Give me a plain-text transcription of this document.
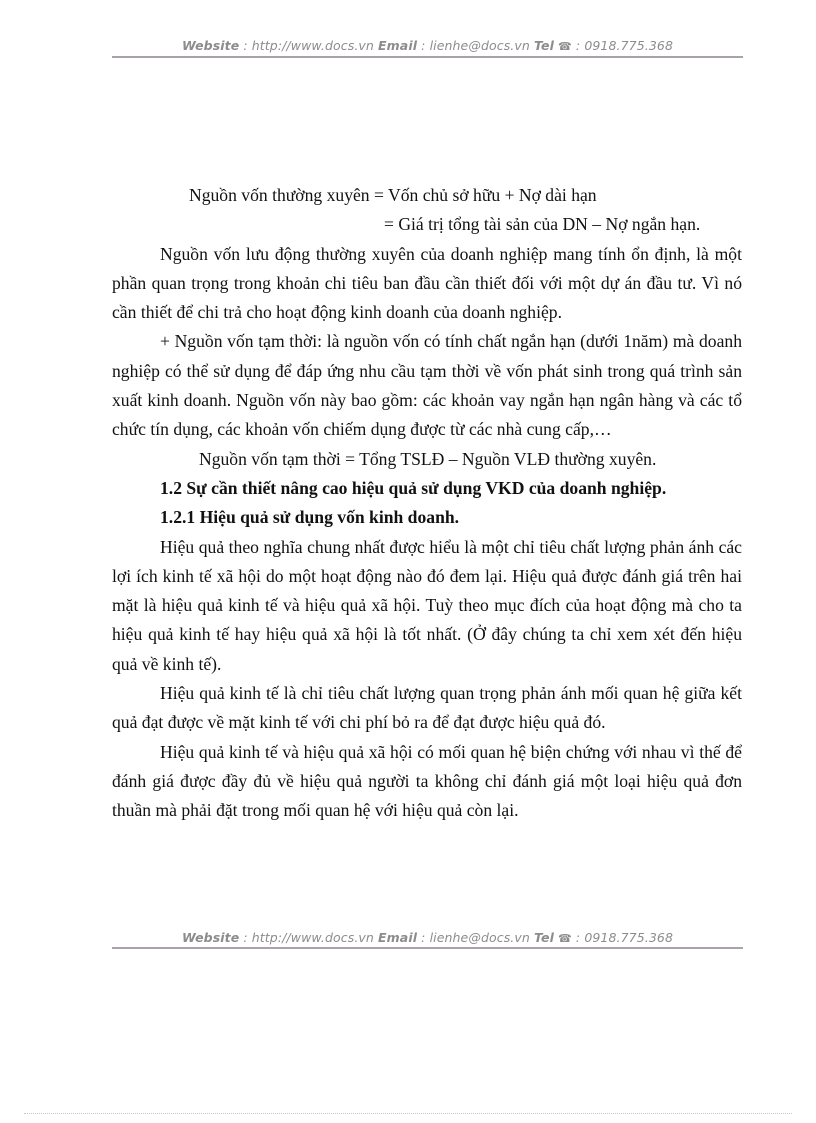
Website : http://www.docs.vn Email : lienhe@docs.vn Tel ☎ : 0918.775.368
Nguồn vốn thường xuyên = Vốn chủ sở hữu + Nợ dài hạn
= Giá trị tổng tài sản của DN – Nợ ngắn hạn.

Nguồn vốn lưu động thường xuyên của doanh nghiệp mang tính ổn định, là một phần quan trọng trong khoản chi tiêu ban đầu cần thiết đối với một dự án đầu tư. Vì nó cần thiết để chi trả cho hoạt động kinh doanh của doanh nghiệp.

+ Nguồn vốn tạm thời: là nguồn vốn có tính chất ngắn hạn (dưới 1năm) mà doanh nghiệp có thể sử dụng để đáp ứng nhu cầu tạm thời về vốn phát sinh trong quá trình sản xuất kinh doanh. Nguồn vốn này bao gồm: các khoản vay ngắn hạn ngân hàng và các tổ chức tín dụng, các khoản vốn chiếm dụng được từ các nhà cung cấp,…

Nguồn vốn tạm thời = Tổng TSLĐ – Nguồn VLĐ thường xuyên.
1.2 Sự cần thiết nâng cao hiệu quả sử dụng VKD của doanh nghiệp.
1.2.1 Hiệu quả sử dụng vốn kinh doanh.

Hiệu quả theo nghĩa chung nhất được hiểu là một chỉ tiêu chất lượng phản ánh các lợi ích kinh tế xã hội do một hoạt động nào đó đem lại. Hiệu quả được đánh giá trên hai mặt là hiệu quả kinh tế và hiệu quả xã hội. Tuỳ theo mục đích của hoạt động mà cho ta hiệu quả kinh tế hay hiệu quả xã hội là tốt nhất. (Ở đây chúng ta chỉ xem xét đến hiệu quả về kinh tế).

Hiệu quả kinh tế là chỉ tiêu chất lượng quan trọng phản ánh mối quan hệ giữa kết quả đạt được về mặt kinh tế với chi phí bỏ ra để đạt được hiệu quả đó.

Hiệu quả kinh tế và hiệu quả xã hội có mối quan hệ biện chứng với nhau vì thế để đánh giá được đầy đủ về hiệu quả người ta không chỉ đánh giá một loại hiệu quả đơn thuần mà phải đặt trong mối quan hệ với hiệu quả còn lại.

Website : http://www.docs.vn Email : lienhe@docs.vn Tel ☎ : 0918.775.368
